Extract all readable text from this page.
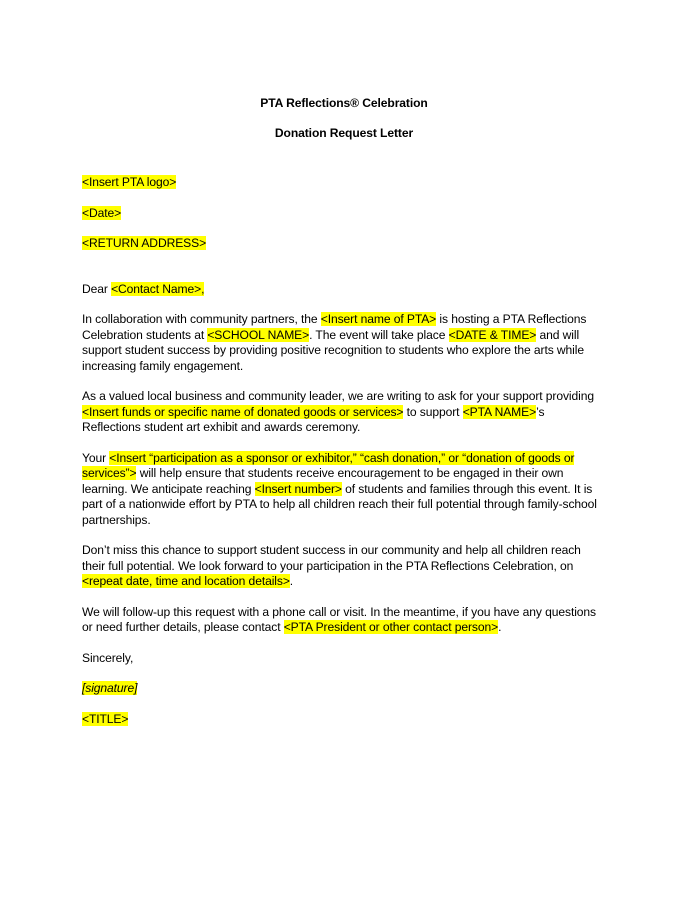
PTA Reflections® Celebration

Donation Request Letter

<Insert PTA logo>

<Date>

<RETURN ADDRESS>

Dear <Contact Name>,

In collaboration with community partners, the <Insert name of PTA> is hosting a PTA Reflections Celebration students at <SCHOOL NAME>. The event will take place <DATE & TIME> and will support student success by providing positive recognition to students who explore the arts while increasing family engagement.

As a valued local business and community leader, we are writing to ask for your support providing <Insert funds or specific name of donated goods or services> to support <PTA NAME>’s Reflections student art exhibit and awards ceremony.

Your <Insert “participation as a sponsor or exhibitor,” “cash donation,” or “donation of goods or services”> will help ensure that students receive encouragement to be engaged in their own learning. We anticipate reaching <Insert number> of students and families through this event. It is part of a nationwide effort by PTA to help all children reach their full potential through family-school partnerships.

Don’t miss this chance to support student success in our community and help all children reach their full potential. We look forward to your participation in the PTA Reflections Celebration, on <repeat date, time and location details>.

We will follow-up this request with a phone call or visit. In the meantime, if you have any questions or need further details, please contact <PTA President or other contact person>.

Sincerely,

[signature]

<TITLE>
